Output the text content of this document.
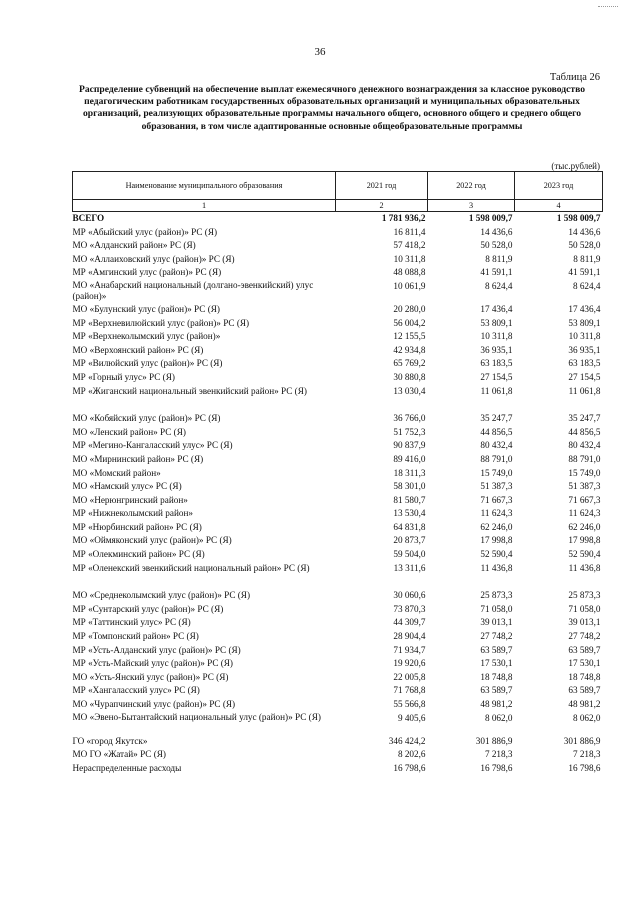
36
Таблица 26
Распределение субвенций на обеспечение выплат ежемесячного денежного вознаграждения за классное руководство педагогическим работникам государственных образовательных организаций и муниципальных образовательных организаций, реализующих образовательные программы начального общего, основного общего и среднего общего образования, в том числе адаптированные основные общеобразовательные программы
(тыс.рублей)
Наименование муниципального образования	2021 год	2022 год	2023 год
1	2	3	4
ВСЕГО	1 781 936,2	1 598 009,7	1 598 009,7
МР «Абыйский улус (район)» РС (Я)	16 811,4	14 436,6	14 436,6
МО «Алданский район» РС (Я)	57 418,2	50 528,0	50 528,0
МО «Аллаиховский улус (район)» РС (Я)	10 311,8	8 811,9	8 811,9
МР «Амгинский улус (район)» РС (Я)	48 088,8	41 591,1	41 591,1
МО «Анабарский национальный (долгано-эвенкийский) улус (район)»	10 061,9	8 624,4	8 624,4
МО «Булунский улус (район)» РС (Я)	20 280,0	17 436,4	17 436,4
МР «Верхневилюйский улус (район)» РС (Я)	56 004,2	53 809,1	53 809,1
МР «Верхнеколымский улус (район)»	12 155,5	10 311,8	10 311,8
МО «Верхоянский район» РС (Я)	42 934,8	36 935,1	36 935,1
МР «Вилюйский улус (район)» РС (Я)	65 769,2	63 183,5	63 183,5
МР «Горный улус» РС (Я)	30 880,8	27 154,5	27 154,5
МР «Жиганский национальный эвенкийский район» РС (Я)	13 030,4	11 061,8	11 061,8

МО «Кобяйский улус (район)» РС (Я)	36 766,0	35 247,7	35 247,7
МО «Ленский район» РС (Я)	51 752,3	44 856,5	44 856,5
МР «Мегино-Кангаласский улус» РС (Я)	90 837,9	80 432,4	80 432,4
МО «Мирнинский район» РС (Я)	89 416,0	88 791,0	88 791,0
МО «Момский район»	18 311,3	15 749,0	15 749,0
МО «Намский улус» РС (Я)	58 301,0	51 387,3	51 387,3
МО «Нерюнгринский район»	81 580,7	71 667,3	71 667,3
МР «Нижнеколымский район»	13 530,4	11 624,3	11 624,3
МР «Нюрбинский район» РС (Я)	64 831,8	62 246,0	62 246,0
МО «Оймяконский улус (район)» РС (Я)	20 873,7	17 998,8	17 998,8
МР «Олекминский район» РС (Я)	59 504,0	52 590,4	52 590,4
МР «Оленекский эвенкийский национальный район» РС (Я)	13 311,6	11 436,8	11 436,8

МО «Среднеколымский улус (район)» РС (Я)	30 060,6	25 873,3	25 873,3
МР «Сунтарский улус (район)» РС (Я)	73 870,3	71 058,0	71 058,0
МР «Таттинский улус» РС (Я)	44 309,7	39 013,1	39 013,1
МР «Томпонский район» РС (Я)	28 904,4	27 748,2	27 748,2
МР «Усть-Алданский улус (район)» РС (Я)	71 934,7	63 589,7	63 589,7
МР «Усть-Майский улус (район)» РС (Я)	19 920,6	17 530,1	17 530,1
МО «Усть-Янский улус (район)» РС (Я)	22 005,8	18 748,8	18 748,8
МР «Хангаласский улус» РС (Я)	71 768,8	63 589,7	63 589,7
МО «Чурапчинский улус (район)» РС (Я)	55 566,8	48 981,2	48 981,2
МО «Эвено-Бытантайский национальный улус (район)» РС (Я)	9 405,6	8 062,0	8 062,0
ГО «город Якутск»	346 424,2	301 886,9	301 886,9
МО ГО «Жатай» РС (Я)	8 202,6	7 218,3	7 218,3
Нераспределенные расходы	16 798,6	16 798,6	16 798,6
